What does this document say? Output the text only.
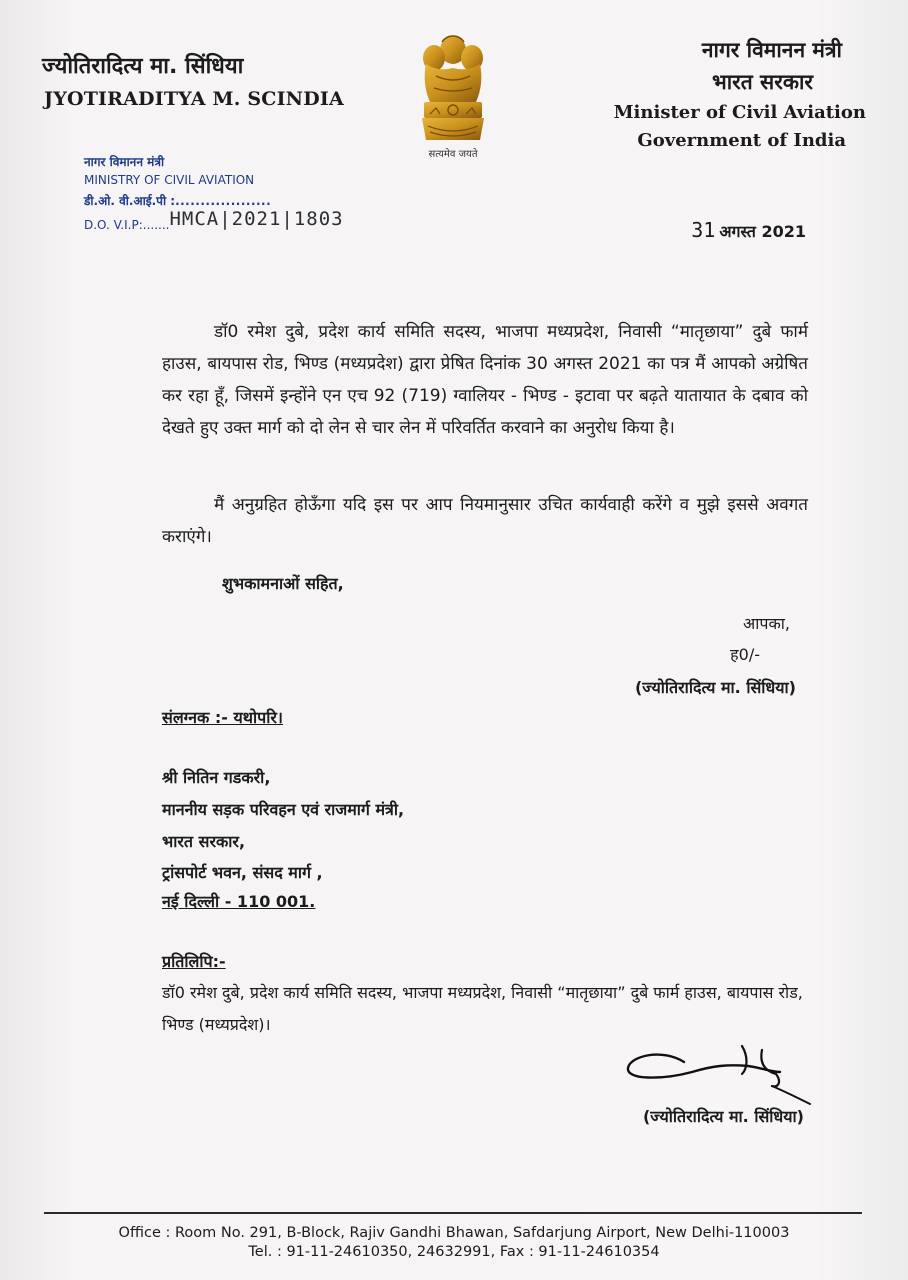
ज्योतिरादित्य मा. सिंधिया
JYOTIRADITYA M. SCINDIA
सत्यमेव जयते
नागर विमानन मंत्री
भारत सरकार
Minister of Civil Aviation
Government of India
नागर विमानन मंत्री
MINISTRY OF CIVIL AVIATION
डी.ओ. वी.आई.पी :...................
D.O. V.I.P:.......HMCA|2021|1803	31 अगस्त 2021
डॉ0 रमेश दुबे, प्रदेश कार्य समिति सदस्य, भाजपा मध्यप्रदेश, निवासी “मातृछाया” दुबे फार्म हाउस, बायपास रोड, भिण्ड (मध्यप्रदेश) द्वारा प्रेषित दिनांक 30 अगस्त 2021 का पत्र मैं आपको अग्रेषित कर रहा हूँ, जिसमें इन्होंने एन एच 92 (719) ग्वालियर - भिण्ड - इटावा पर बढ़ते यातायात के दबाव को देखते हुए उक्त मार्ग को दो लेन से चार लेन में परिवर्तित करवाने का अनुरोध किया है।
मैं अनुग्रहित होऊँगा यदि इस पर आप नियमानुसार उचित कार्यवाही करेंगे व मुझे इससे अवगत कराएंगे।
शुभकामनाओं सहित,
आपका,
ह0/-
(ज्योतिरादित्य मा. सिंधिया)
संलग्नक :- यथोपरि।
श्री नितिन गडकरी,
माननीय सड़क परिवहन एवं राजमार्ग मंत्री,
भारत सरकार,
ट्रांसपोर्ट भवन, संसद मार्ग ,
नई दिल्ली - 110 001.
प्रतिलिपि:-
डॉ0 रमेश दुबे, प्रदेश कार्य समिति सदस्य, भाजपा मध्यप्रदेश, निवासी “मातृछाया” दुबे फार्म हाउस, बायपास रोड, भिण्ड (मध्यप्रदेश)।
(ज्योतिरादित्य मा. सिंधिया)
Office : Room No. 291, B-Block, Rajiv Gandhi Bhawan, Safdarjung Airport, New Delhi-110003
Tel. : 91-11-24610350, 24632991, Fax : 91-11-24610354
